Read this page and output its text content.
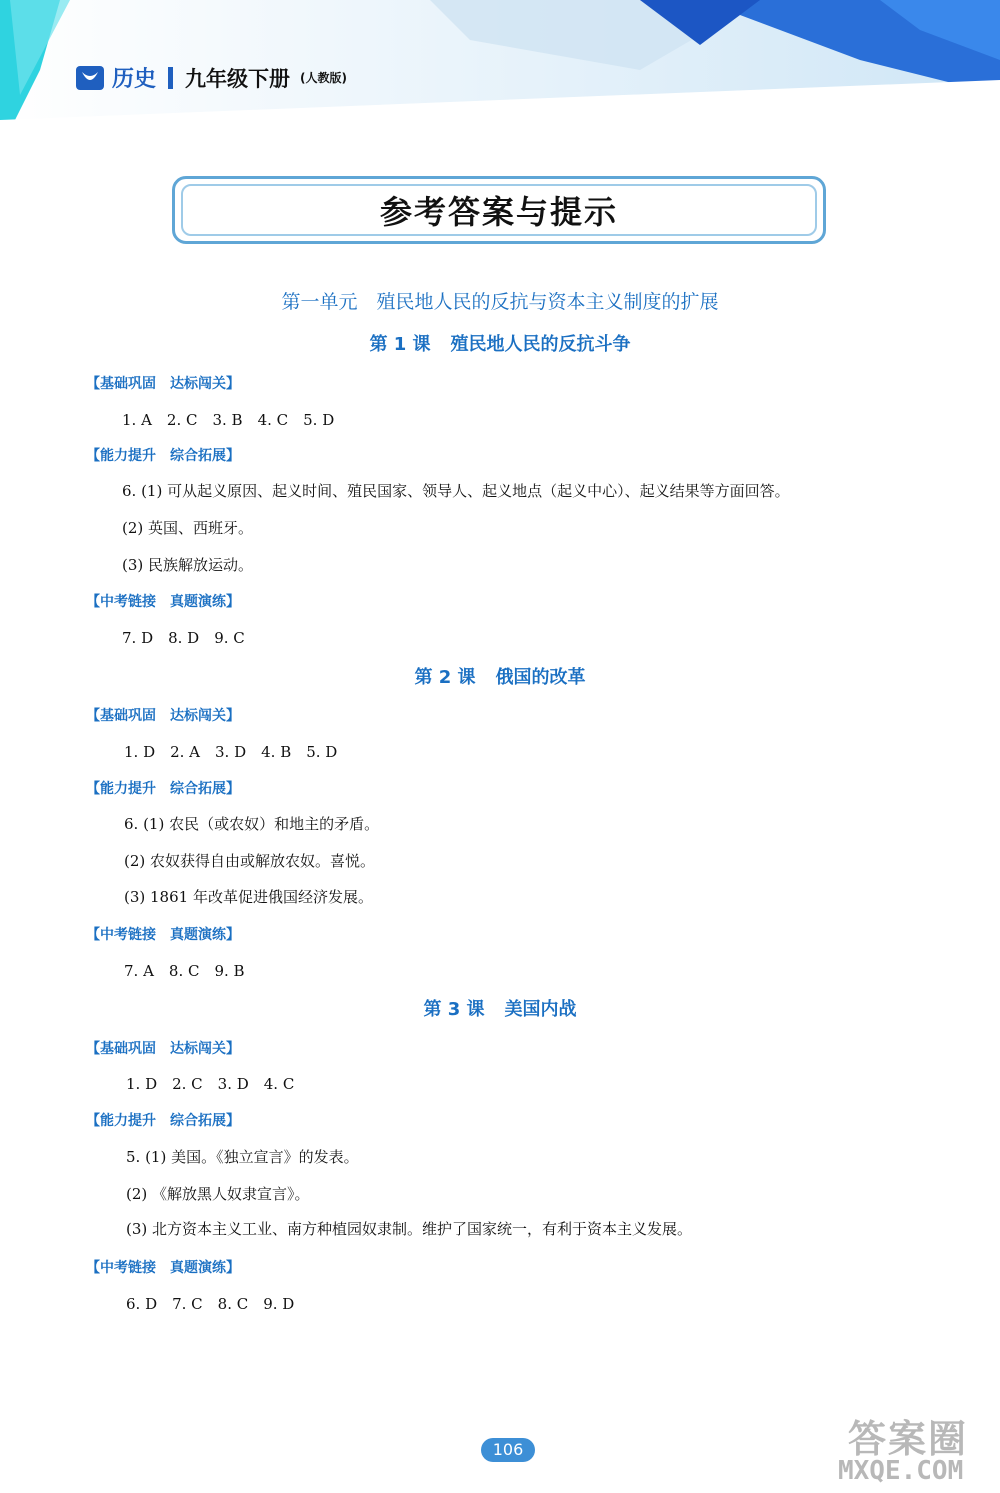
历史 九年级下册 (人教版)
参考答案与提示
第一单元　殖民地人民的反抗与资本主义制度的扩展
第 1 课 殖民地人民的反抗斗争
【基础巩固　达标闯关】
1. A　2. C　3. B　4. C　5. D
【能力提升　综合拓展】
6. (1) 可从起义原因、起义时间、殖民国家、领导人、起义地点（起义中心）、起义结果等方面回答。
(2) 英国、西班牙。
(3) 民族解放运动。
【中考链接　真题演练】
7. D　8. D　9. C
第 2 课 俄国的改革
【基础巩固　达标闯关】
1. D　2. A　3. D　4. B　5. D
【能力提升　综合拓展】
6. (1) 农民（或农奴）和地主的矛盾。
(2) 农奴获得自由或解放农奴。喜悦。
(3) 1861 年改革促进俄国经济发展。
【中考链接　真题演练】
7. A　8. C　9. B
第 3 课 美国内战
【基础巩固　达标闯关】
1. D　2. C　3. D　4. C
【能力提升　综合拓展】
5. (1) 美国。《独立宣言》的发表。
(2) 《解放黑人奴隶宣言》。
(3) 北方资本主义工业、南方种植园奴隶制。维护了国家统一，有利于资本主义发展。
【中考链接　真题演练】
6. D　7. C　8. C　9. D
106	答案圈
MXQE.COM
